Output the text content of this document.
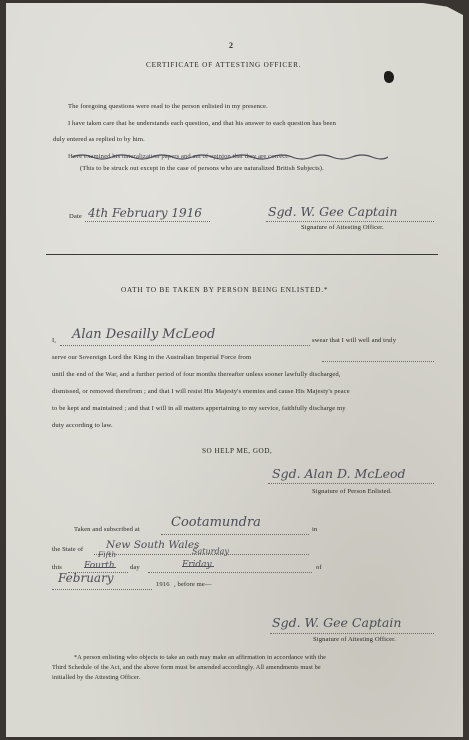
2
CERTIFICATE OF ATTESTING OFFICER.
The foregoing questions were read to the person enlisted in my presence.
I have taken care that he understands each question, and that his answer to each question has been
duly entered as replied to by him.
Have examined his naturalization papers and am of opinion that they are correct.
(This to be struck out except in the case of persons who are naturalized British Subjects).
Date 4th February 1916	Sgd. W. Gee Captain
Signature of Attesting Officer.
OATH TO BE TAKEN BY PERSON BEING ENLISTED.*
I, Alan Desailly McLeod	swear that I will well and truly
serve our Sovereign Lord the King in the Australian Imperial Force from
until the end of the War, and a further period of four months thereafter unless sooner lawfully discharged,
dismissed, or removed therefrom ; and that I will resist His Majesty's enemies and cause His Majesty's peace
to be kept and maintained ; and that I will in all matters appertaining to my service, faithfully discharge my
duty according to law.
SO HELP ME, GOD,
Sgd. Alan D. McLeod
Signature of Person Enlisted.
Taken and subscribed at Cootamundra	in
the State of New South Wales
this
Fifth
Fourth day
Saturday
Friday	of
February	1916 , before me—
Sgd. W. Gee Captain
Signature of Attesting Officer.
*A person enlisting who objects to take an oath may make an affirmation in accordance with the
Third Schedule of the Act, and the above form must be amended accordingly. All amendments must be
initialled by the Attesting Officer.
